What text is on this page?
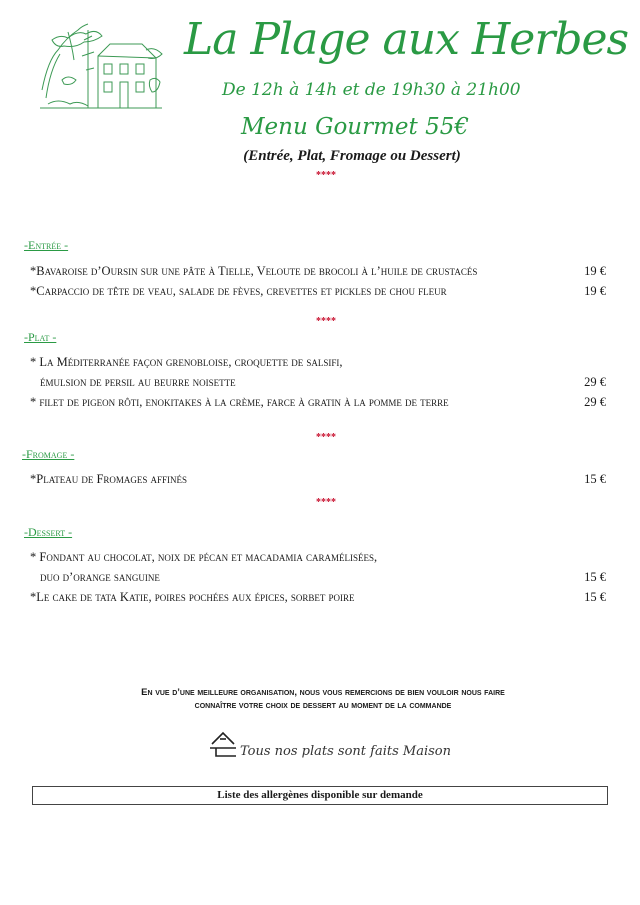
La Plage aux Herbes
De 12h à 14h et de 19h30 à 21h00
Menu Gourmet 55€
(Entrée, Plat, Fromage ou Dessert)
****
-Entrée -
*Bavaroise d’Oursin sur une pâte à Tielle, Veloute de brocoli à l’huile de crustacés	19 €
*Carpaccio de tête de veau, salade de fèves, crevettes et pickles de chou fleur	19 €
****
-Plat -
* La Méditerranée façon grenobloise, croquette de salsifi,
émulsion de persil au beurre noisette	29 €
* filet de pigeon rôti, enokitakes à la crème, farce à gratin à la pomme de terre	29 €
****
-Fromage -
*Plateau de Fromages affinés	15 €
****
-Dessert -
* Fondant au chocolat, noix de pécan et macadamia caramélisées,
duo d’orange sanguine	15 €
*Le cake de tata Katie, poires pochées aux épices, sorbet poire	15 €
En vue d’une meilleure organisation, nous vous remercions de bien vouloir nous faire connaître votre choix de dessert au moment de la commande
Tous nos plats sont faits Maison
Liste des allergènes disponible sur demande
